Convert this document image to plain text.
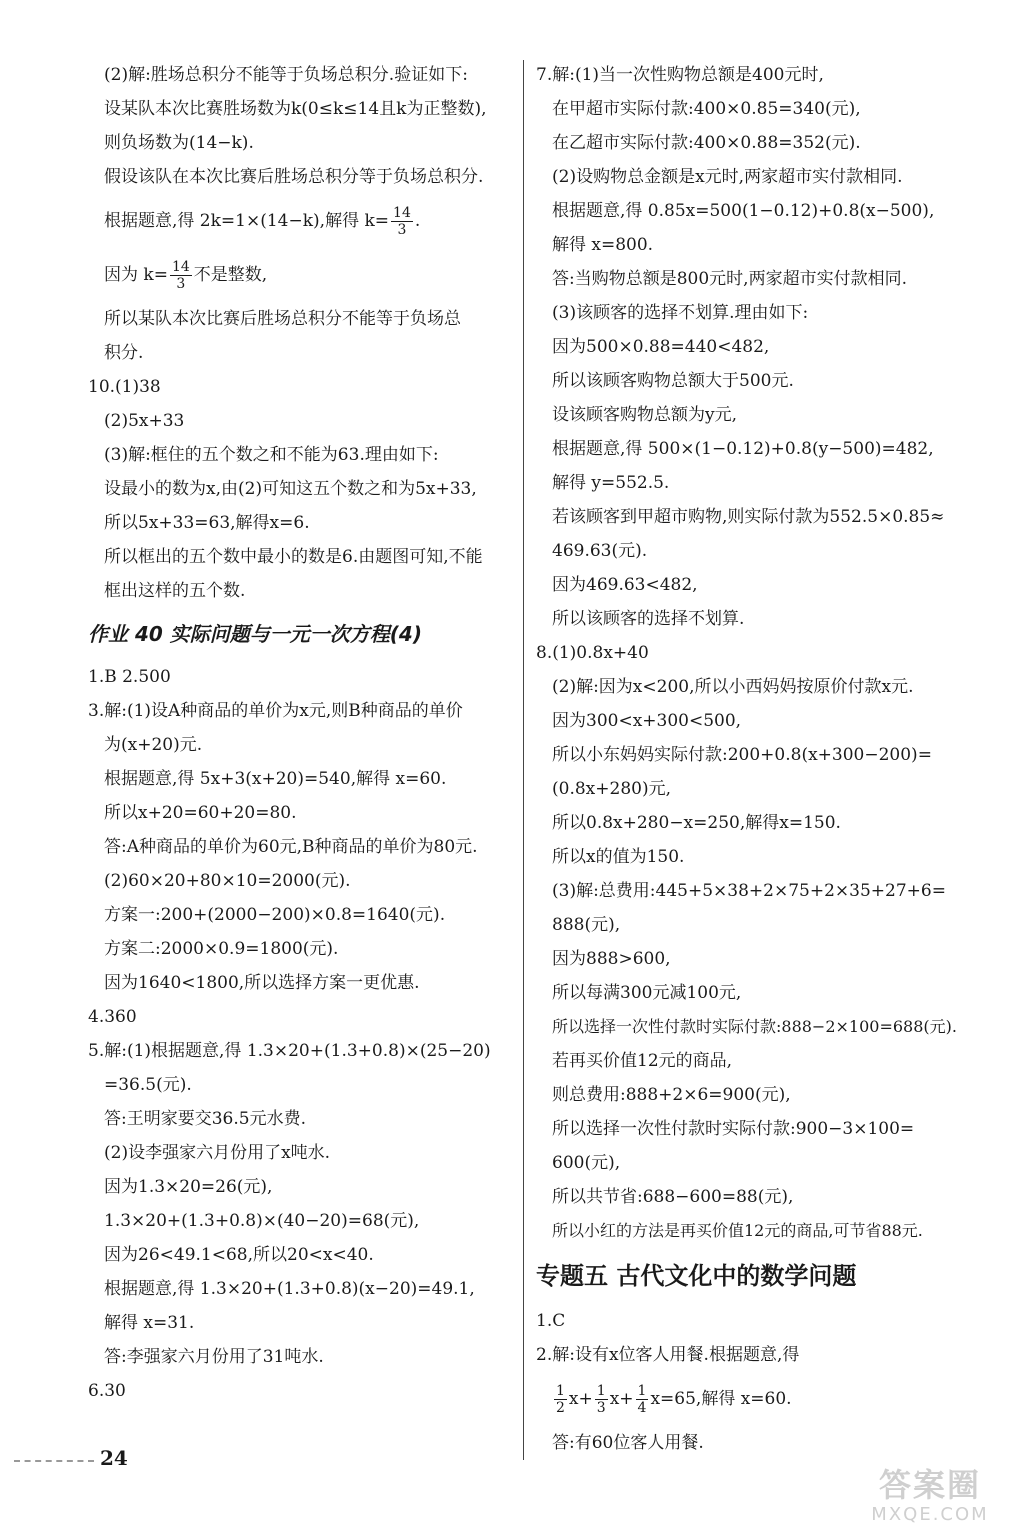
(2)解:胜场总积分不能等于负场总积分.验证如下:
设某队本次比赛胜场数为k(0≤k≤14且k为正整数),
则负场数为(14−k).
假设该队在本次比赛后胜场总积分等于负场总积分.
根据题意,得 2k=1×(14−k),解得 $k= \frac{14}{3}$ .
因为 $k= \frac{14}{3}$ 不是整数,
所以某队本次比赛后胜场总积分不能等于负场总
积分.
10.(1)38
(2)5x+33
(3)解:框住的五个数之和不能为63.理由如下:
设最小的数为x,由(2)可知这五个数之和为5x+33,
所以5x+33=63,解得x=6.
所以框出的五个数中最小的数是6.由题图可知,不能
框出这样的五个数.
作业 40 实际问题与一元一次方程(4)
1.B 2.500
3.解:(1)设A种商品的单价为x元,则B种商品的单价
为(x+20)元.
根据题意,得 5x+3(x+20)=540,解得 x=60.
所以x+20=60+20=80.
答:A种商品的单价为60元,B种商品的单价为80元.
(2)60×20+80×10=2000(元).
方案一:200+(2000−200)×0.8=1640(元).
方案二:2000×0.9=1800(元).
因为1640<1800,所以选择方案一更优惠.
4.360
5.解:(1)根据题意,得 1.3×20+(1.3+0.8)×(25−20)
=36.5(元).
答:王明家要交36.5元水费.
(2)设李强家六月份用了x吨水.
因为1.3×20=26(元),
1.3×20+(1.3+0.8)×(40−20)=68(元),
因为26<49.1<68,所以20<x<40.
根据题意,得 1.3×20+(1.3+0.8)(x−20)=49.1,
解得 x=31.
答:李强家六月份用了31吨水.
6.30
7.解:(1)当一次性购物总额是400元时,
在甲超市实际付款:400×0.85=340(元),
在乙超市实际付款:400×0.88=352(元).
(2)设购物总金额是x元时,两家超市实付款相同.
根据题意,得 0.85x=500(1−0.12)+0.8(x−500),
解得 x=800.
答:当购物总额是800元时,两家超市实付款相同.
(3)该顾客的选择不划算.理由如下:
因为500×0.88=440<482,
所以该顾客购物总额大于500元.
设该顾客购物总额为y元,
根据题意,得 500×(1−0.12)+0.8(y−500)=482,
解得 y=552.5.
若该顾客到甲超市购物,则实际付款为552.5×0.85≈
469.63(元).
因为469.63<482,
所以该顾客的选择不划算.
8.(1)0.8x+40
(2)解:因为x<200,所以小西妈妈按原价付款x元.
因为300<x+300<500,
所以小东妈妈实际付款:200+0.8(x+300−200)=
(0.8x+280)元,
所以0.8x+280−x=250,解得x=150.
所以x的值为150.
(3)解:总费用:445+5×38+2×75+2×35+27+6=
888(元),
因为888>600,
所以每满300元减100元,
所以选择一次性付款时实际付款:888−2×100=688(元).
若再买价值12元的商品,
则总费用:888+2×6=900(元),
所以选择一次性付款时实际付款:900−3×100=
600(元),
所以共节省:688−600=88(元),
所以小红的方法是再买价值12元的商品,可节省88元.
专题五 古代文化中的数学问题
1.C
2.解:设有x位客人用餐.根据题意,得
$\frac{1}{2} x+ \frac{1}{3} x+ \frac{1}{4} x=65$,解得 x=60.
答:有60位客人用餐.
24
答案圈
MXQE.COM
